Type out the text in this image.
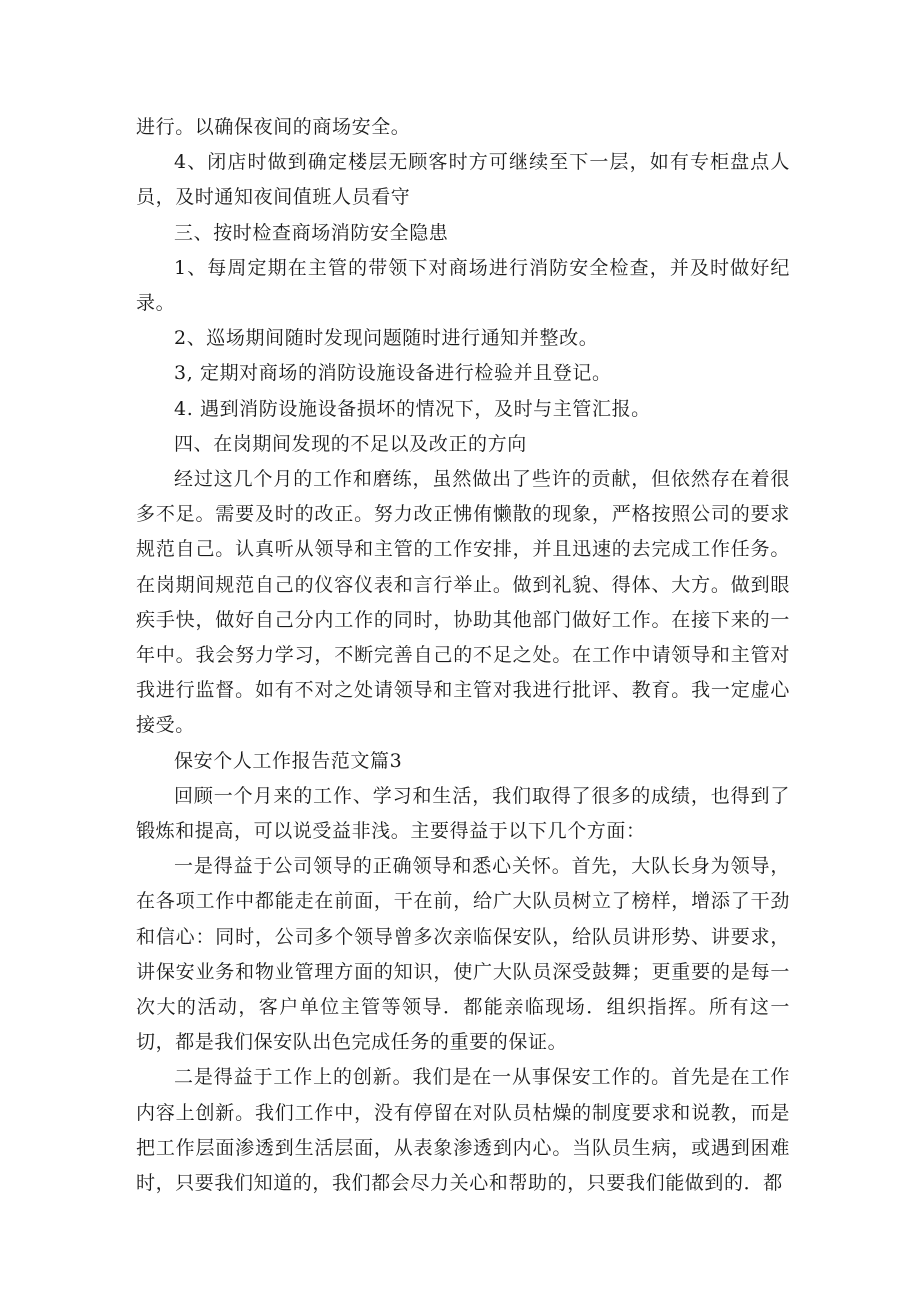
进行。以确保夜间的商场安全。

4、闭店时做到确定楼层无顾客时方可继续至下一层，如有专柜盘点人员，及时通知夜间值班人员看守

三、按时检查商场消防安全隐患

1、每周定期在主管的带领下对商场进行消防安全检查，并及时做好纪录。

2、巡场期间随时发现问题随时进行通知并整改。

3, 定期对商场的消防设施设备进行检验并且登记。

4. 遇到消防设施设备损坏的情况下，及时与主管汇报。

四、在岗期间发现的不足以及改正的方向

经过这几个月的工作和磨练，虽然做出了些许的贡献，但依然存在着很多不足。需要及时的改正。努力改正怫侑懒散的现象，严格按照公司的要求规范自己。认真听从领导和主管的工作安排，并且迅速的去完成工作任务。在岗期间规范自己的仪容仪表和言行举止。做到礼貌、得体、大方。做到眼疾手快，做好自己分内工作的同时，协助其他部门做好工作。在接下来的一年中。我会努力学习，不断完善自己的不足之处。在工作中请领导和主管对我进行监督。如有不对之处请领导和主管对我进行批评、教育。我一定虚心接受。

保安个人工作报告范文篇3

回顾一个月来的工作、学习和生活，我们取得了很多的成绩，也得到了锻炼和提高，可以说受益非浅。主要得益于以下几个方面：

一是得益于公司领导的正确领导和悉心关怀。首先，大队长身为领导，在各项工作中都能走在前面，干在前，给广大队员树立了榜样，增添了干劲和信心：同时，公司多个领导曾多次亲临保安队，给队员讲形势、讲要求，讲保安业务和物业管理方面的知识，使广大队员深受鼓舞；更重要的是每一次大的活动，客户单位主管等领导．都能亲临现场．组织指挥。所有这一切，都是我们保安队出色完成任务的重要的保证。

二是得益于工作上的创新。我们是在一从事保安工作的。首先是在工作内容上创新。我们工作中，没有停留在对队员枯燥的制度要求和说教，而是把工作层面渗透到生活层面，从表象渗透到内心。当队员生病，或遇到困难时，只要我们知道的，我们都会尽力关心和帮助的，只要我们能做到的．都
